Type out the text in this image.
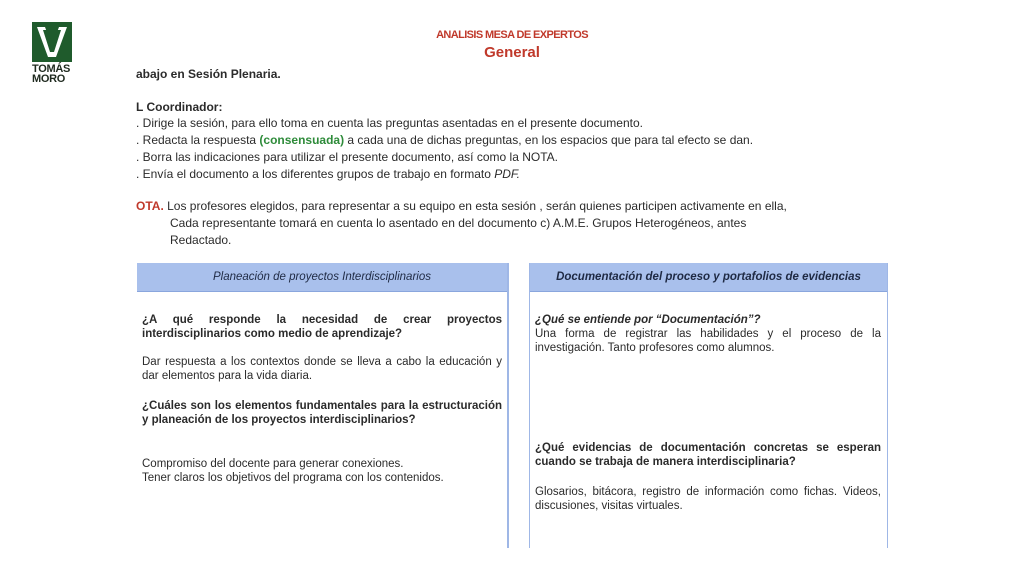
TOMÁS
MORO
ANALISIS MESA DE EXPERTOS
General
abajo en Sesión Plenaria.
L Coordinador:
. Dirige la sesión, para ello toma en cuenta las preguntas asentadas en el presente documento.
. Redacta la respuesta (consensuada) a cada una de dichas preguntas, en los espacios que para tal efecto se dan.
. Borra las indicaciones para utilizar el presente documento, así como la NOTA.
. Envía el documento a los diferentes grupos de trabajo en formato PDF.
OTA. Los profesores elegidos, para representar a su equipo en esta sesión , serán quienes participen activamente en ella,
Cada representante tomará en cuenta lo asentado en del documento c) A.M.E. Grupos Heterogéneos, antes
Redactado.
Planeación de proyectos Interdisciplinarios
¿A qué responde la necesidad de crear proyectos interdisciplinarios como medio de aprendizaje?
Dar respuesta a los contextos donde se lleva a cabo la educación y dar elementos para la vida diaria.
¿Cuáles son los elementos fundamentales para la estructuración y planeación de los proyectos interdisciplinarios?
Compromiso del docente para generar conexiones.
Tener claros los objetivos del programa con los contenidos.
Documentación del proceso y portafolios de evidencias
¿Qué se entiende por “Documentación”?
Una forma de registrar las habilidades y el proceso de la investigación. Tanto profesores como alumnos.
¿Qué evidencias de documentación concretas se esperan cuando se trabaja de manera interdisciplinaria?
Glosarios, bitácora, registro de información como fichas. Videos, discusiones, visitas virtuales.
